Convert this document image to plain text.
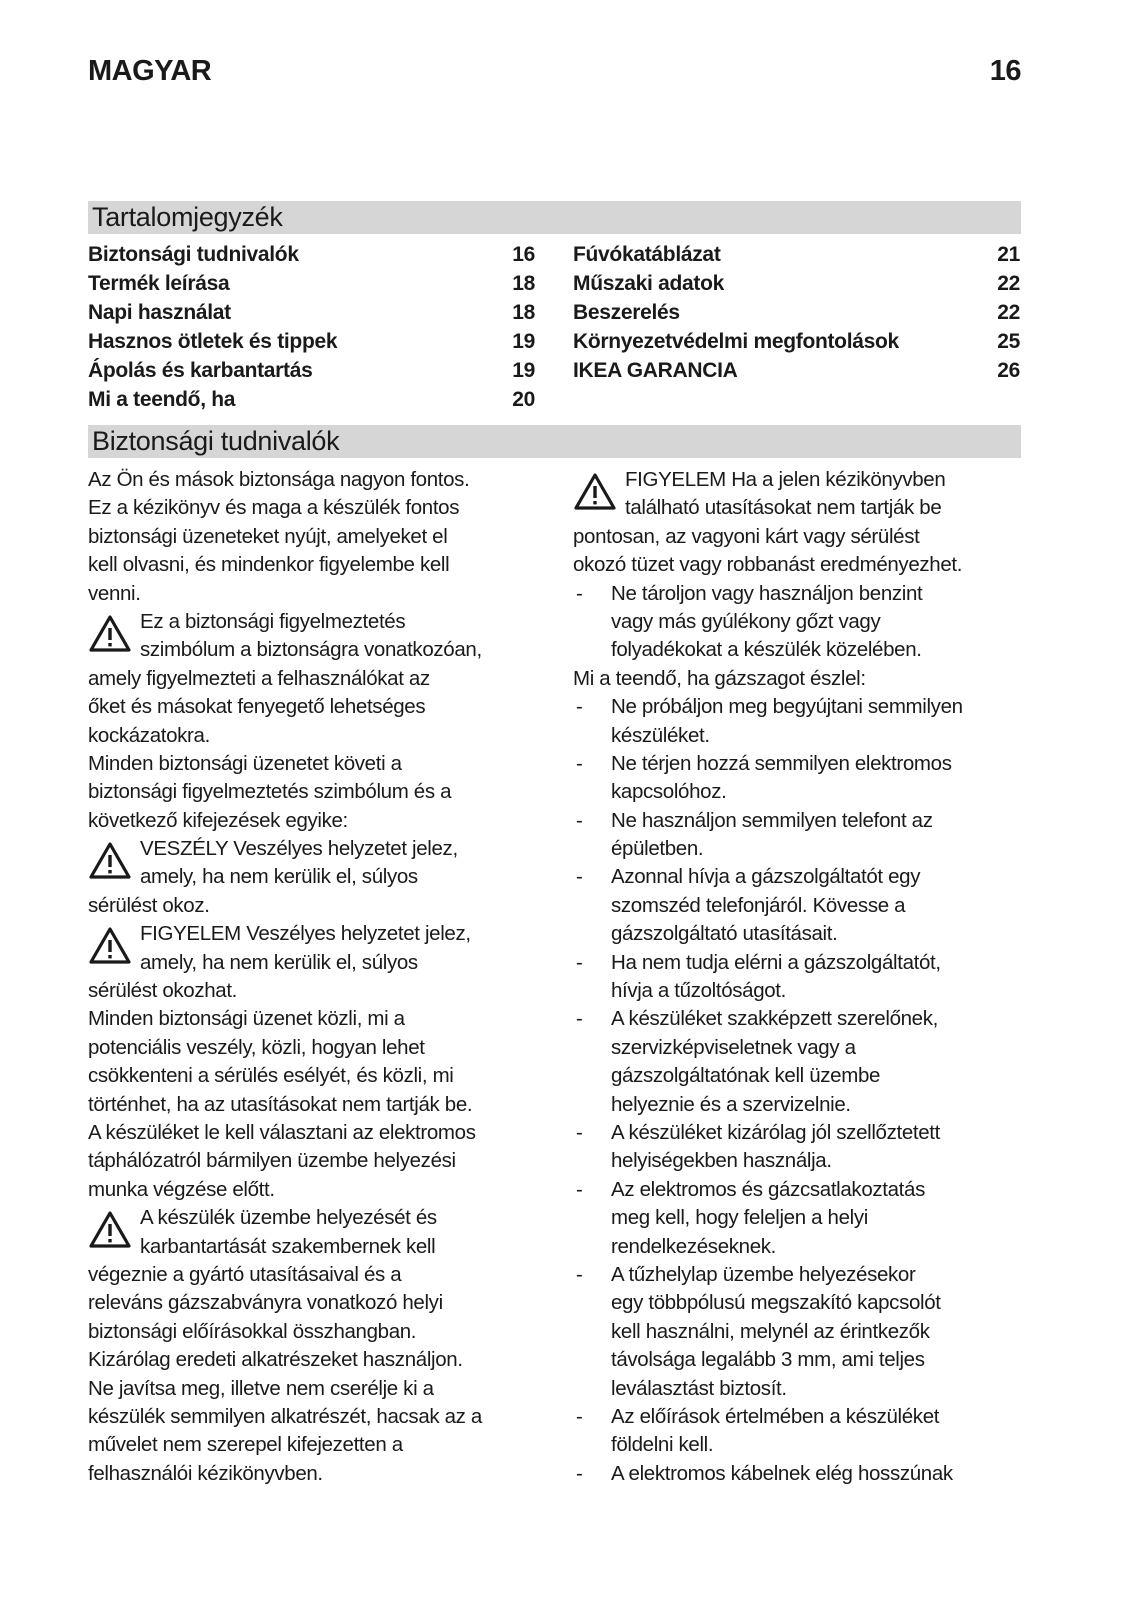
MAGYAR	16
Tartalomjegyzék
Biztonsági tudnivalók	16
Termék leírása	18
Napi használat	18
Hasznos ötletek és tippek	19
Ápolás és karbantartás	19
Mi a teendő, ha	20
Fúvókatáblázat	21
Műszaki adatok	22
Beszerelés	22
Környezetvédelmi megfontolások	25
IKEA GARANCIA	26
Biztonsági tudnivalók
Az Ön és mások biztonsága nagyon fontos.
Ez a kézikönyv és maga a készülék fontos
biztonsági üzeneteket nyújt, amelyeket el
kell olvasni, és mindenkor figyelembe kell
venni.
Ez a biztonsági figyelmeztetés
szimbólum a biztonságra vonatkozóan,
amely figyelmezteti a felhasználókat az
őket és másokat fenyegető lehetséges
kockázatokra.
Minden biztonsági üzenetet követi a
biztonsági figyelmeztetés szimbólum és a
következő kifejezések egyike:
VESZÉLY Veszélyes helyzetet jelez,
amely, ha nem kerülik el, súlyos
sérülést okoz.
FIGYELEM Veszélyes helyzetet jelez,
amely, ha nem kerülik el, súlyos
sérülést okozhat.
Minden biztonsági üzenet közli, mi a
potenciális veszély, közli, hogyan lehet
csökkenteni a sérülés esélyét, és közli, mi
történhet, ha az utasításokat nem tartják be.
A készüléket le kell választani az elektromos
táphálózatról bármilyen üzembe helyezési
munka végzése előtt.
A készülék üzembe helyezését és
karbantartását szakembernek kell
végeznie a gyártó utasításaival és a
releváns gázszabványra vonatkozó helyi
biztonsági előírásokkal összhangban.
Kizárólag eredeti alkatrészeket használjon.
Ne javítsa meg, illetve nem cserélje ki a
készülék semmilyen alkatrészét, hacsak az a
művelet nem szerepel kifejezetten a
felhasználói kézikönyvben.
FIGYELEM Ha a jelen kézikönyvben
található utasításokat nem tartják be
pontosan, az vagyoni kárt vagy sérülést
okozó tüzet vagy robbanást eredményezhet.
- Ne tároljon vagy használjon benzint
vagy más gyúlékony gőzt vagy
folyadékokat a készülék közelében.
Mi a teendő, ha gázszagot észlel:
- Ne próbáljon meg begyújtani semmilyen
készüléket.
- Ne térjen hozzá semmilyen elektromos
kapcsolóhoz.
- Ne használjon semmilyen telefont az
épületben.
- Azonnal hívja a gázszolgáltatót egy
szomszéd telefonjáról. Kövesse a
gázszolgáltató utasításait.
- Ha nem tudja elérni a gázszolgáltatót,
hívja a tűzoltóságot.
- A készüléket szakképzett szerelőnek,
szervizképviseletnek vagy a
gázszolgáltatónak kell üzembe
helyeznie és a szervizelnie.
- A készüléket kizárólag jól szellőztetett
helyiségekben használja.
- Az elektromos és gázcsatlakoztatás
meg kell, hogy feleljen a helyi
rendelkezéseknek.
- A tűzhelylap üzembe helyezésekor
egy többpólusú megszakító kapcsolót
kell használni, melynél az érintkezők
távolsága legalább 3 mm, ami teljes
leválasztást biztosít.
- Az előírások értelmében a készüléket
földelni kell.
- A elektromos kábelnek elég hosszúnak
